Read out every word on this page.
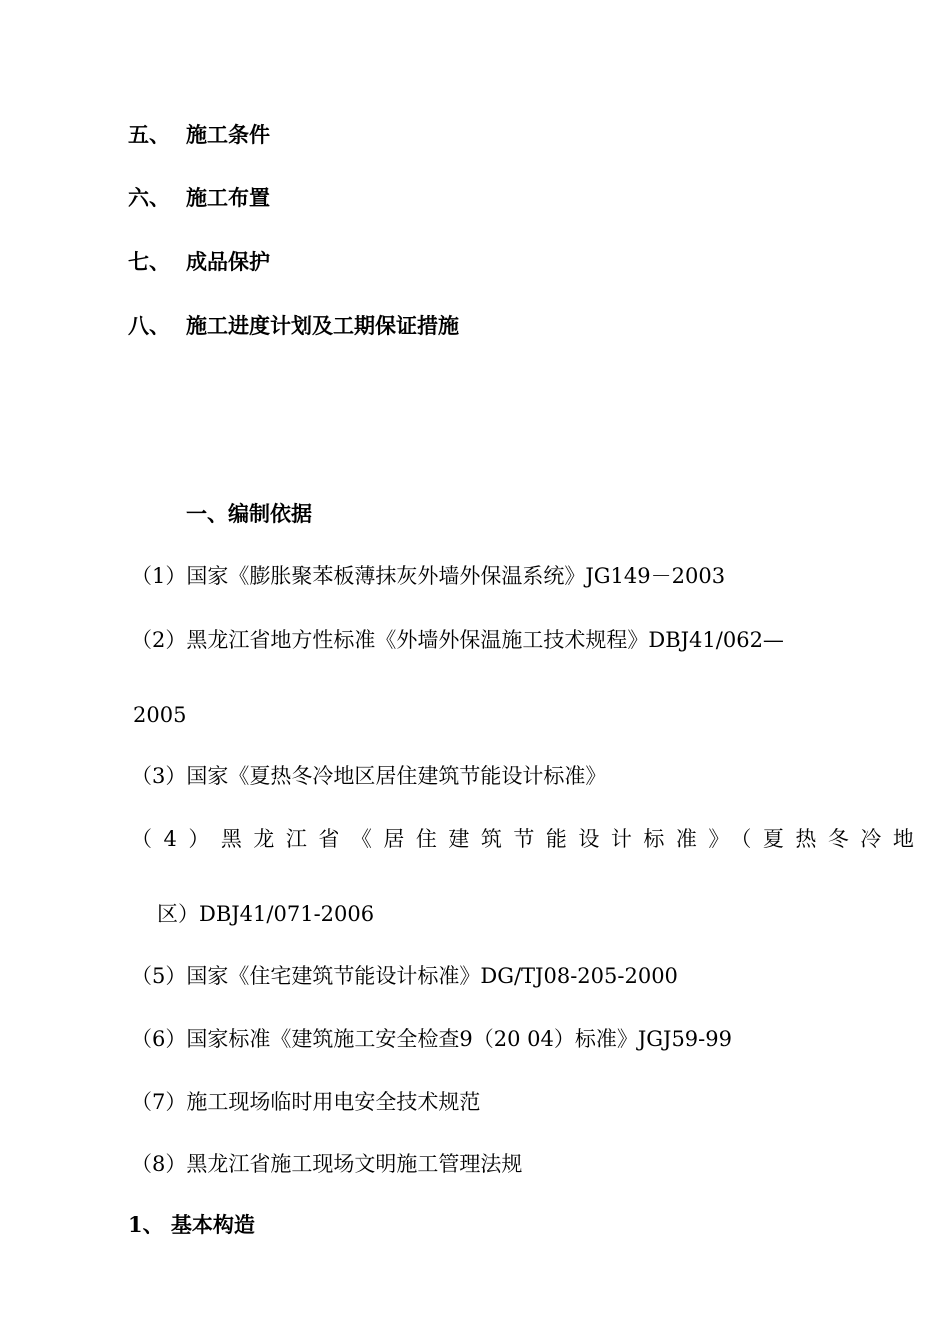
五、 施工条件
六、 施工布置
七、 成品保护
八、 施工进度计划及工期保证措施
一、编制依据
（1）国家《膨胀聚苯板薄抹灰外墙外保温系统》JG149－2003
（2）黑龙江省地方性标准《外墙外保温施工技术规程》DBJ41/062—
2005
（3）国家《夏热冬冷地区居住建筑节能设计标准》
（4）黑龙江省《居住建筑节能设计标准》（夏热冬冷地
区）DBJ41/071-2006
（5）国家《住宅建筑节能设计标准》DG/TJ08-205-2000
（6）国家标准《建筑施工安全检查9（20 04）标准》JGJ59-99
（7）施工现场临时用电安全技术规范
（8）黑龙江省施工现场文明施工管理法规
1、 基本构造
